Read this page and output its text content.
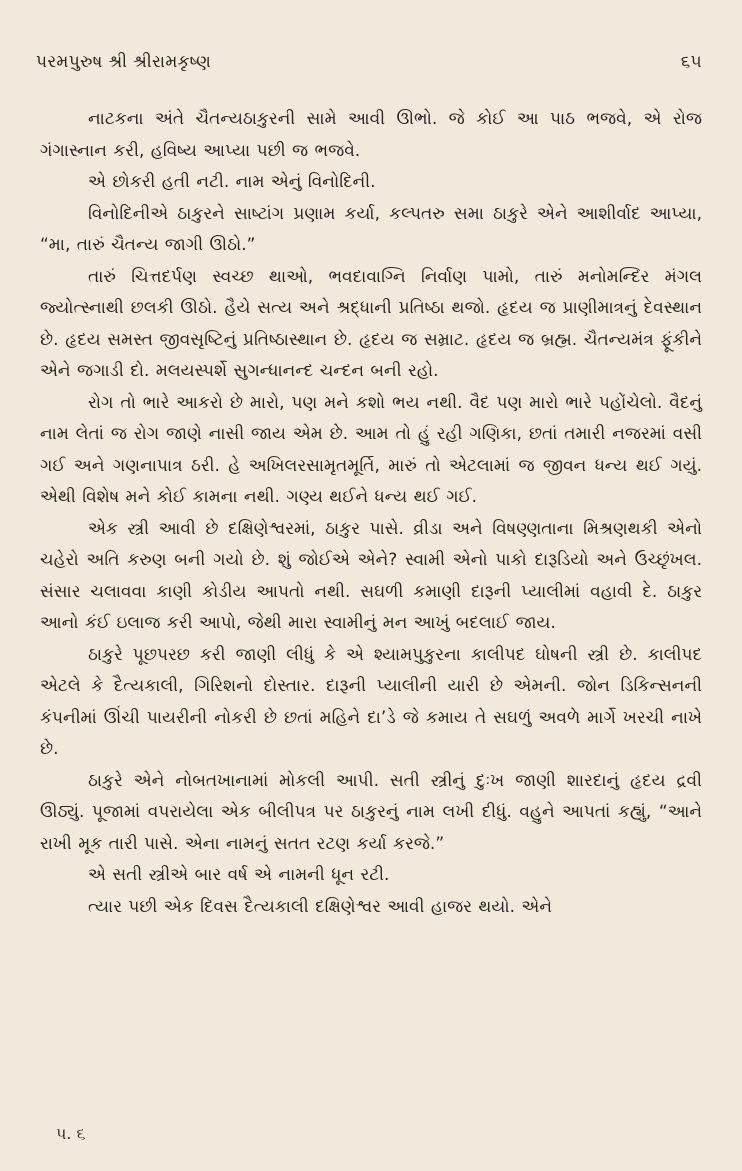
પરમપુરુષ શ્રી શ્રીરામકૃષ્ણ	૬૫

નાટકના અંતે ચૈતન્યઠાકુરની સામે આવી ઊભો. જે કોઈ આ પાઠ ભજવે, એ રોજ ગંગાસ્નાન કરી, હવિષ્ય આપ્યા પછી જ ભજવે.

એ છોકરી હતી નટી. નામ એનું વિનોદિની.

વિનોદિનીએ ઠાકુરને સાષ્ટાંગ પ્રણામ કર્યા, કલ્પતરુ સમા ઠાકુરે એને આશીર્વાદ આપ્યા, “મા, તારું ચૈતન્ય જાગી ઊઠો.”

તારું ચિત્તદર્પણ સ્વચ્છ થાઓ, ભવદાવાગ્નિ નિર્વાણ પામો, તારું મનોમન્દિર મંગલ જ્યોત્સ્નાથી છલકી ઊઠો. હૈયે સત્ય અને શ્રદ્ધાની પ્રતિષ્ઠા થજો. હૃદય જ પ્રાણીમાત્રનું દેવસ્થાન છે. હૃદય સમસ્ત જીવસૃષ્ટિનું પ્રતિષ્ઠાસ્થાન છે. હૃદય જ સમ્રાટ. હૃદય જ બ્રહ્મ. ચૈતન્યમંત્ર ફૂંકીને એને જગાડી દો. મલયસ્પર્શે સુગન્ધાનન્દ ચન્દન બની રહો.

રોગ તો ભારે આકરો છે મારો, પણ મને કશો ભય નથી. વૈદ પણ મારો ભારે પહોંચેલો. વૈદનું નામ લેતાં જ રોગ જાણે નાસી જાય એમ છે. આમ તો હું રહી ગણિકા, છતાં તમારી નજરમાં વસી ગઈ અને ગણનાપાત્ર ઠરી. હે અખિલરસામૃતમૂર્તિ, મારું તો એટલામાં જ જીવન ધન્ય થઈ ગયું. એથી વિશેષ મને કોઈ કામના નથી. ગણ્ય થઈને ધન્ય થઈ ગઈ.

એક સ્ત્રી આવી છે દક્ષિણેશ્વરમાં, ઠાકુર પાસે. વ્રીડા અને વિષણ્ણતાના મિશ્રણથકી એનો ચહેરો અતિ કરુણ બની ગયો છે. શું જોઈએ એને? સ્વામી એનો પાકો દારૂડિયો અને ઉચ્છૃંખલ. સંસાર ચલાવવા કાણી કોડીય આપતો નથી. સઘળી કમાણી દારૂની પ્યાલીમાં વહાવી દે. ઠાકુર આનો કંઈ ઇલાજ કરી આપો, જેથી મારા સ્વામીનું મન આખું બદલાઈ જાય.

ઠાકુરે પૂછપરછ કરી જાણી લીધું કે એ શ્યામપુકુરના કાલીપદ ઘોષની સ્ત્રી છે. કાલીપદ એટલે કે દૈત્યકાલી, ગિરિશનો દોસ્તાર. દારૂની પ્યાલીની યારી છે એમની. જોન ડિકિન્સનની કંપનીમાં ઊંચી પાયરીની નોકરી છે છતાં મહિને દા’ડે જે કમાય તે સઘળું અવળે માર્ગે ખરચી નાખે છે.

ઠાકુરે એને નોબતખાનામાં મોકલી આપી. સતી સ્ત્રીનું દુઃખ જાણી શારદાનું હૃદય દ્રવી ઊઠ્યું. પૂજામાં વપરાયેલા એક બીલીપત્ર પર ઠાકુરનું નામ લખી દીધું. વહુને આપતાં કહ્યું, “આને રાખી મૂક તારી પાસે. એના નામનું સતત રટણ કર્યા કરજે.”

એ સતી સ્ત્રીએ બાર વર્ષ એ નામની ધૂન રટી.

ત્યાર પછી એક દિવસ દૈત્યકાલી દક્ષિણેશ્વર આવી હાજર થયો. એને

પ. ૬
